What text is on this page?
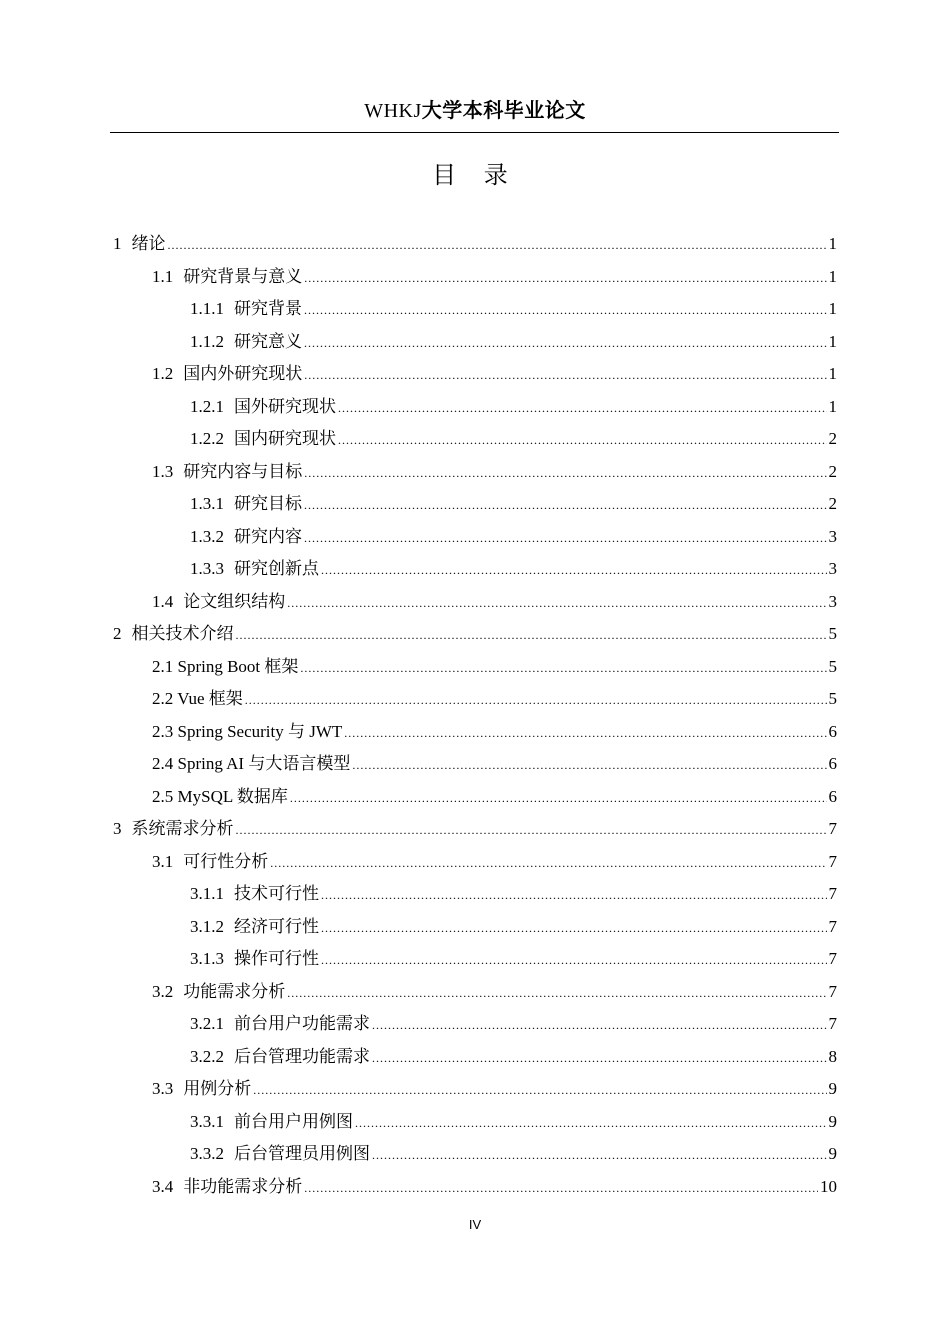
WHKJ大学本科毕业论文
目 录
1 绪论 .....	1
1.1 研究背景与意义 .....	1
1.1.1 研究背景 .....	1
1.1.2 研究意义 .....	1
1.2 国内外研究现状 .....	1
1.2.1 国外研究现状 .....	1
1.2.2 国内研究现状 .....	2
1.3 研究内容与目标 .....	2
1.3.1 研究目标 .....	2
1.3.2 研究内容 .....	3
1.3.3 研究创新点 .....	3
1.4 论文组织结构 .....	3
2 相关技术介绍 .....	5
2.1 Spring Boot 框架 .....	5
2.2 Vue 框架 .....	5
2.3 Spring Security 与 JWT .....	6
2.4 Spring AI 与大语言模型 .....	6
2.5 MySQL 数据库 .....	6
3 系统需求分析 .....	7
3.1 可行性分析 .....	7
3.1.1 技术可行性 .....	7
3.1.2 经济可行性 .....	7
3.1.3 操作可行性 .....	7
3.2 功能需求分析 .....	7
3.2.1 前台用户功能需求 .....	7
3.2.2 后台管理功能需求 .....	8
3.3 用例分析 .....	9
3.3.1 前台用户用例图 .....	9
3.3.2 后台管理员用例图 .....	9
3.4 非功能需求分析 .....	10
IV
